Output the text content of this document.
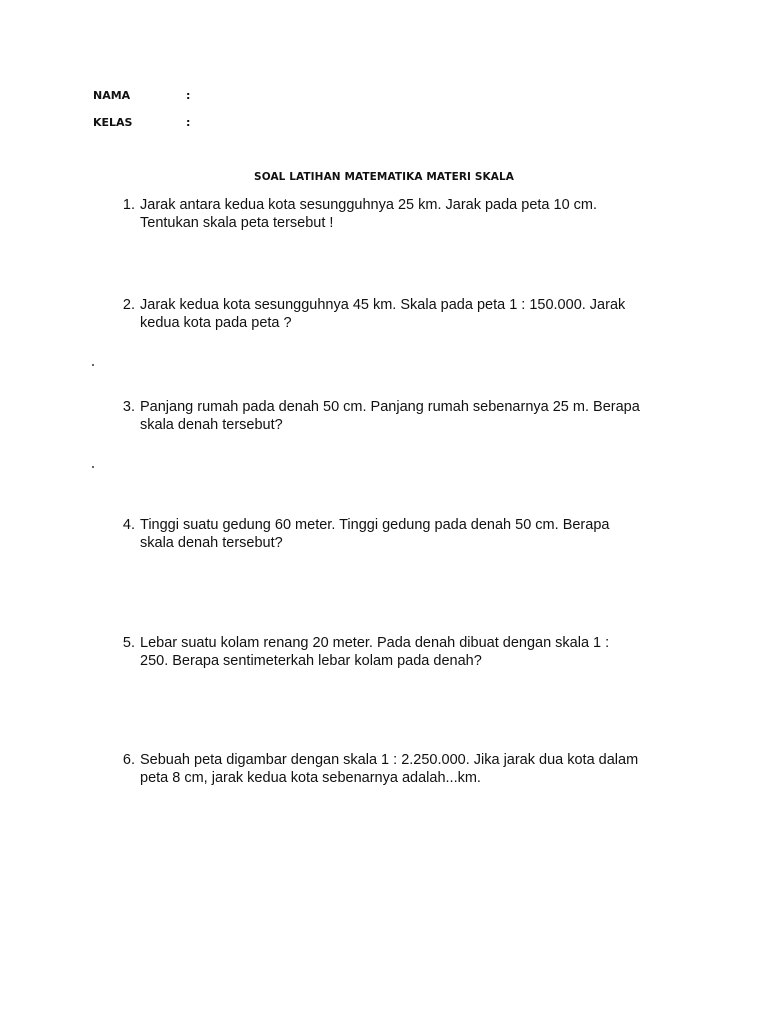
NAMA	:
KELAS	:
SOAL LATIHAN MATEMATIKA MATERI SKALA
1. Jarak antara kedua kota sesungguhnya 25 km. Jarak pada peta 10 cm.
Tentukan skala peta tersebut !
2. Jarak kedua kota sesungguhnya 45 km. Skala pada peta 1 : 150.000. Jarak
kedua kota pada peta ?
3. Panjang rumah pada denah 50 cm. Panjang rumah sebenarnya 25 m. Berapa
skala denah tersebut?
4. Tinggi suatu gedung 60 meter. Tinggi gedung pada denah 50 cm. Berapa
skala denah tersebut?
5. Lebar suatu kolam renang 20 meter. Pada denah dibuat dengan skala 1 :
250. Berapa sentimeterkah lebar kolam pada denah?
6. Sebuah peta digambar dengan skala 1 : 2.250.000. Jika jarak dua kota dalam
peta 8 cm, jarak kedua kota sebenarnya adalah...km.
